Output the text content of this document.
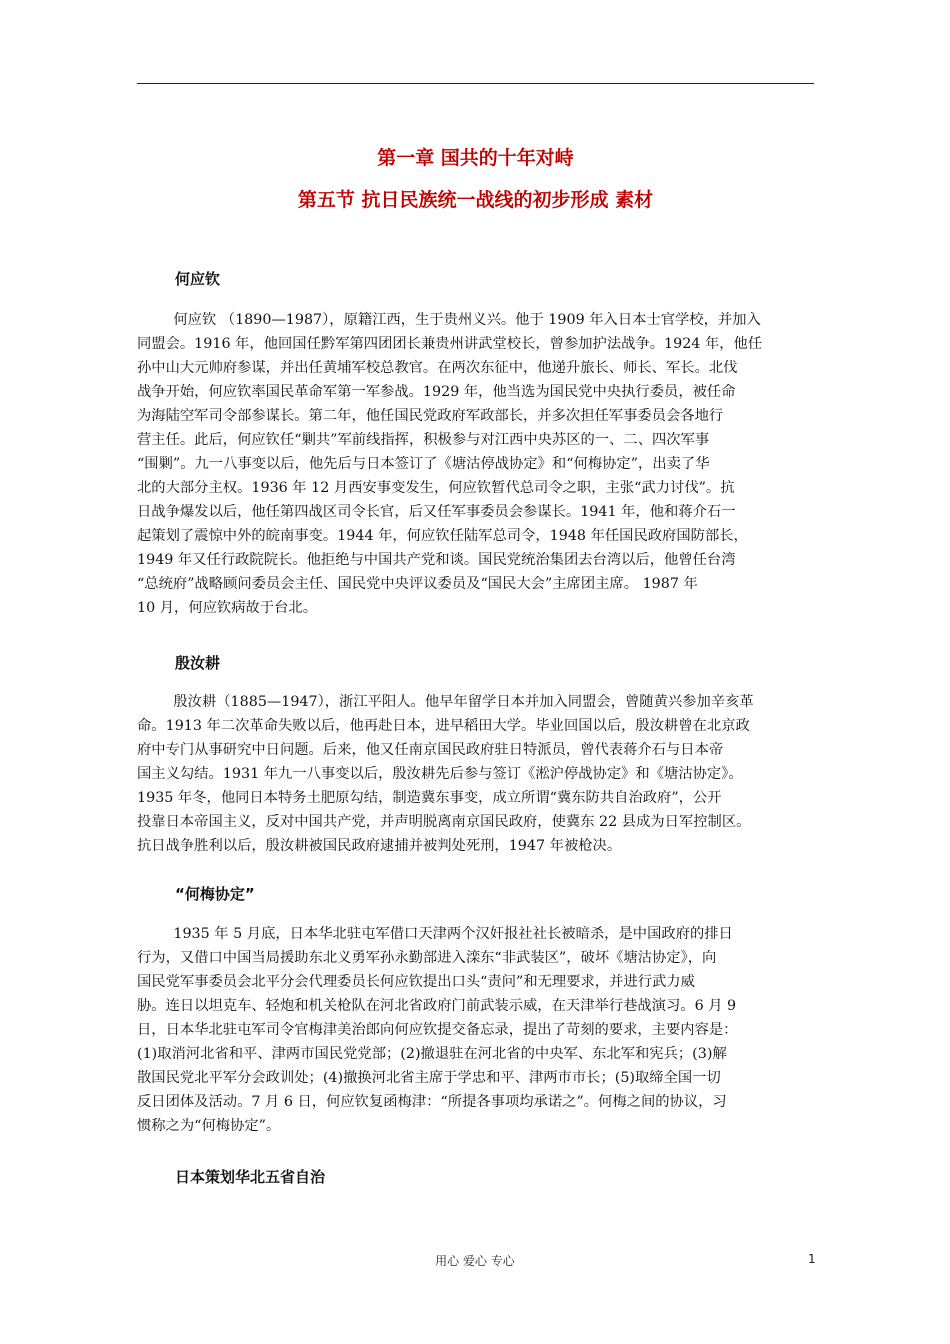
第一章 国共的十年对峙
第五节 抗日民族统一战线的初步形成 素材
何应钦
何应钦 （1890—1987），原籍江西，生于贵州义兴。他于 1909 年入日本士官学校，并加入
同盟会。1916 年，他回国任黔军第四团团长兼贵州讲武堂校长，曾参加护法战争。1924 年，他任
孙中山大元帅府参谋，并出任黄埔军校总教官。在两次东征中，他递升旅长、师长、军长。北伐
战争开始，何应钦率国民革命军第一军参战。1929 年，他当选为国民党中央执行委员，被任命
为海陆空军司令部参谋长。第二年，他任国民党政府军政部长，并多次担任军事委员会各地行
营主任。此后，何应钦任“剿共”军前线指挥，积极参与对江西中央苏区的一、二、四次军事
“围剿”。九一八事变以后，他先后与日本签订了《塘沽停战协定》和“何梅协定”，出卖了华
北的大部分主权。1936 年 12 月西安事变发生，何应钦暂代总司令之职，主张“武力讨伐”。抗
日战争爆发以后，他任第四战区司令长官，后又任军事委员会参谋长。1941 年，他和蒋介石一
起策划了震惊中外的皖南事变。1944 年，何应钦任陆军总司令，1948 年任国民政府国防部长，
1949 年又任行政院院长。他拒绝与中国共产党和谈。国民党统治集团去台湾以后，他曾任台湾
“总统府”战略顾问委员会主任、国民党中央评议委员及“国民大会”主席团主席。 1987 年
10 月，何应钦病故于台北。
殷汝耕
殷汝耕（1885—1947），浙江平阳人。他早年留学日本并加入同盟会，曾随黄兴参加辛亥革
命。1913 年二次革命失败以后，他再赴日本，进早稻田大学。毕业回国以后，殷汝耕曾在北京政
府中专门从事研究中日问题。后来，他又任南京国民政府驻日特派员，曾代表蒋介石与日本帝
国主义勾结。1931 年九一八事变以后，殷汝耕先后参与签订《淞沪停战协定》和《塘沽协定》。
1935 年冬，他同日本特务土肥原勾结，制造冀东事变，成立所谓“冀东防共自治政府”，公开
投靠日本帝国主义，反对中国共产党，并声明脱离南京国民政府，使冀东 22 县成为日军控制区。
抗日战争胜利以后，殷汝耕被国民政府逮捕并被判处死刑，1947 年被枪决。
“何梅协定”
1935 年 5 月底，日本华北驻屯军借口天津两个汉奸报社社长被暗杀，是中国政府的排日
行为，又借口中国当局援助东北义勇军孙永勤部进入滦东“非武装区”，破坏《塘沽协定》，向
国民党军事委员会北平分会代理委员长何应钦提出口头“责问”和无理要求，并进行武力威
胁。连日以坦克车、轻炮和机关枪队在河北省政府门前武装示威，在天津举行巷战演习。6 月 9
日，日本华北驻屯军司令官梅津美治郎向何应钦提交备忘录，提出了苛刻的要求，主要内容是：
(1)取消河北省和平、津两市国民党党部；(2)撤退驻在河北省的中央军、东北军和宪兵；(3)解
散国民党北平军分会政训处；(4)撤换河北省主席于学忠和平、津两市市长；(5)取缔全国一切
反日团体及活动。7 月 6 日，何应钦复函梅津：“所提各事项均承诺之”。何梅之间的协议，习
惯称之为“何梅协定”。
日本策划华北五省自治
用心 爱心 专心	1
